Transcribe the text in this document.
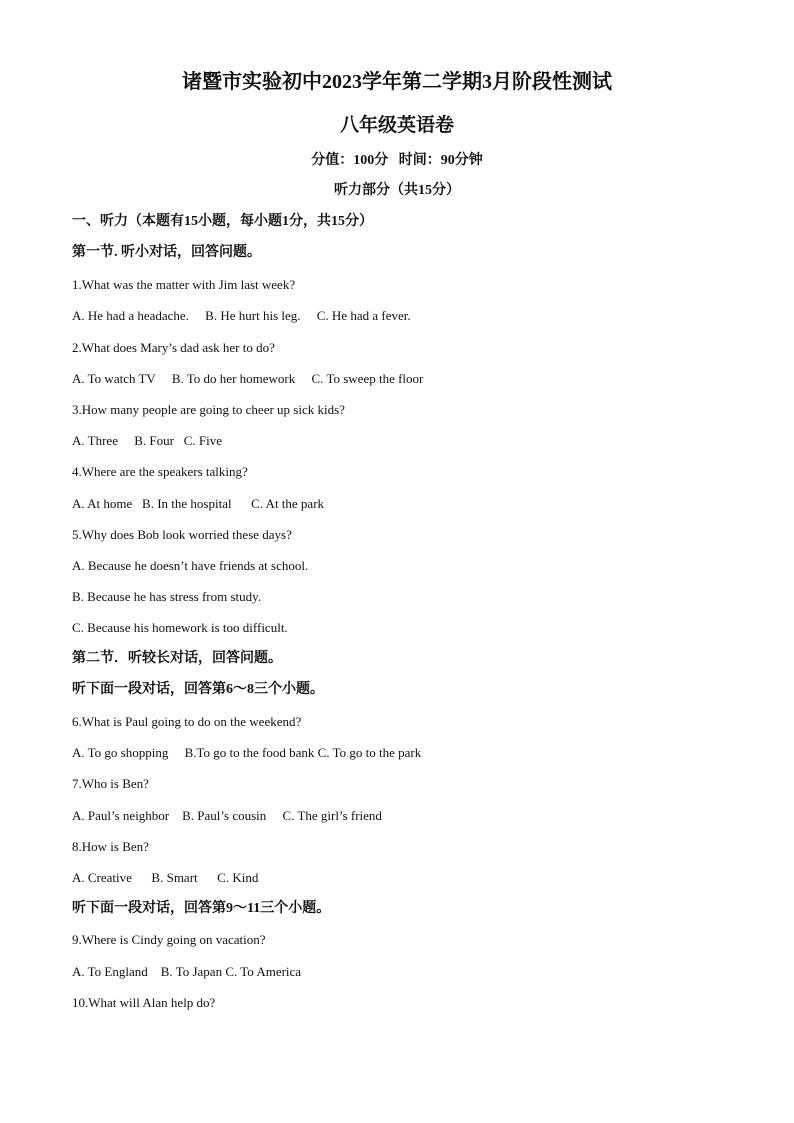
诸暨市实验初中2023学年第二学期3月阶段性测试
八年级英语卷
分值：100分   时间：90分钟
听力部分（共15分）
一、听力（本题有15小题，每小题1分，共15分）
第一节. 听小对话，回答问题。
1.What was the matter with Jim last week?
A. He had a headache.     B. He hurt his leg.     C. He had a fever.
2.What does Mary’s dad ask her to do?
A. To watch TV     B. To do her homework     C. To sweep the floor
3.How many people are going to cheer up sick kids?
A. Three     B. Four   C. Five
4.Where are the speakers talking?
A. At home   B. In the hospital      C. At the park
5.Why does Bob look worried these days?
A. Because he doesn’t have friends at school.
B. Because he has stress from study.
C. Because his homework is too difficult.
第二节．听较长对话，回答问题。
听下面一段对话，回答第6～8三个小题。
6.What is Paul going to do on the weekend?
A. To go shopping     B.To go to the food bank C. To go to the park
7.Who is Ben?
A. Paul’s neighbor    B. Paul’s cousin     C. The girl’s friend
8.How is Ben?
A. Creative      B. Smart      C. Kind
听下面一段对话，回答第9～11三个小题。
9.Where is Cindy going on vacation?
A. To England    B. To Japan C. To America
10.What will Alan help do?
